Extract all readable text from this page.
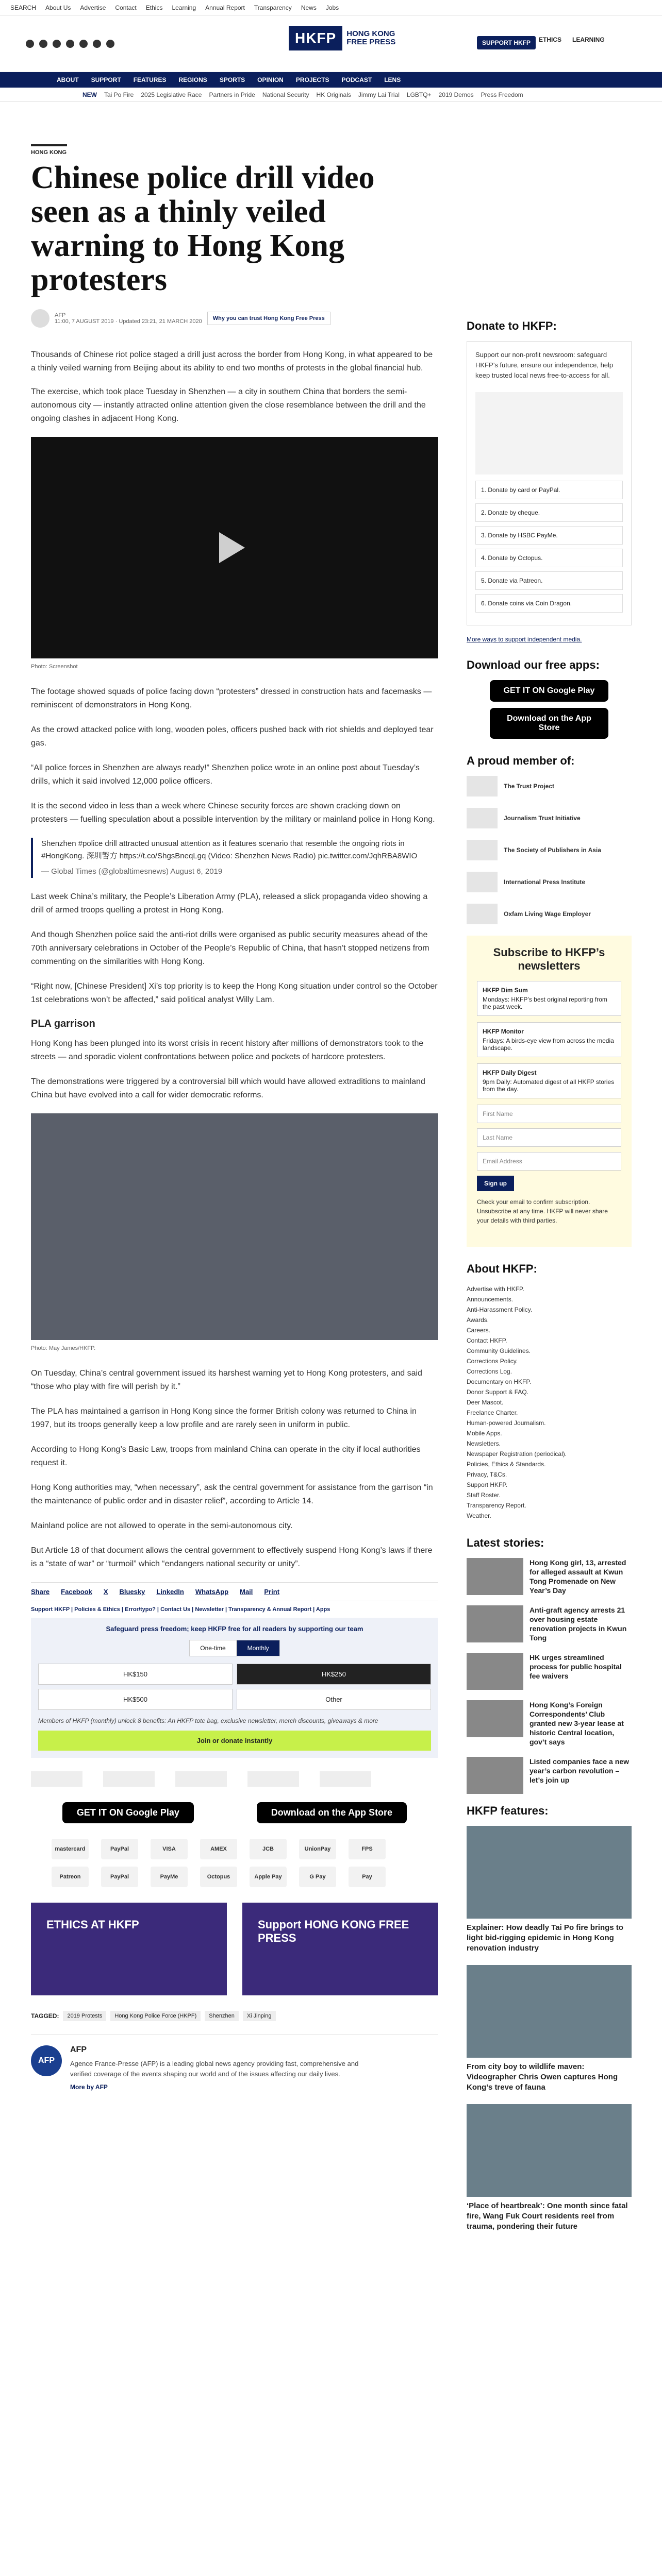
SEARCH About Us Advertise Contact Ethics Learning Annual Report Transparency News Jobs
HKFP	HONG KONG
FREE PRESS	SUPPORT HKFP	ETHICS LEARNING
ABOUT SUPPORT FEATURES REGIONS SPORTS OPINION PROJECTS PODCAST LENS
NEW Tai Po Fire 2025 Legislative Race Partners in Pride National Security HK Originals Jimmy Lai Trial LGBTQ+ 2019 Demos Press Freedom
HONG KONG
Chinese police drill video seen as a thinly veiled warning to Hong Kong protesters
AFP
11:00, 7 AUGUST 2019 · Updated 23:21, 21 MARCH 2020	Why you can trust Hong Kong Free Press

Thousands of Chinese riot police staged a drill just across the border from Hong Kong, in what appeared to be a thinly veiled warning from Beijing about its ability to end two months of protests in the global financial hub.

The exercise, which took place Tuesday in Shenzhen — a city in southern China that borders the semi-autonomous city — instantly attracted online attention given the close resemblance between the drill and the ongoing clashes in adjacent Hong Kong.

Photo: Screenshot

The footage showed squads of police facing down “protesters” dressed in construction hats and facemasks — reminiscent of demonstrators in Hong Kong.

As the crowd attacked police with long, wooden poles, officers pushed back with riot shields and deployed tear gas.

“All police forces in Shenzhen are always ready!” Shenzhen police wrote in an online post about Tuesday’s drills, which it said involved 12,000 police officers.

It is the second video in less than a week where Chinese security forces are shown cracking down on protesters — fuelling speculation about a possible intervention by the military or mainland police in Hong Kong.

Shenzhen #police drill attracted unusual attention as it features scenario that resemble the ongoing riots in #HongKong. 深圳警方 https://t.co/ShgsBneqLgq (Video: Shenzhen News Radio) pic.twitter.com/JqhRBA8WIO
— Global Times (@globaltimesnews) August 6, 2019

Last week China’s military, the People’s Liberation Army (PLA), released a slick propaganda video showing a drill of armed troops quelling a protest in Hong Kong.

And though Shenzhen police said the anti-riot drills were organised as public security measures ahead of the 70th anniversary celebrations in October of the People’s Republic of China, that hasn’t stopped netizens from commenting on the similarities with Hong Kong.

“Right now, [Chinese President] Xi’s top priority is to keep the Hong Kong situation under control so the October 1st celebrations won’t be affected,” said political analyst Willy Lam.

PLA garrison

Hong Kong has been plunged into its worst crisis in recent history after millions of demonstrators took to the streets — and sporadic violent confrontations between police and pockets of hardcore protesters.

The demonstrations were triggered by a controversial bill which would have allowed extraditions to mainland China but have evolved into a call for wider democratic reforms.

Photo: May James/HKFP.

On Tuesday, China’s central government issued its harshest warning yet to Hong Kong protesters, and said “those who play with fire will perish by it.”

The PLA has maintained a garrison in Hong Kong since the former British colony was returned to China in 1997, but its troops generally keep a low profile and are rarely seen in uniform in public.

According to Hong Kong’s Basic Law, troops from mainland China can operate in the city if local authorities request it.

Hong Kong authorities may, “when necessary”, ask the central government for assistance from the garrison “in the maintenance of public order and in disaster relief”, according to Article 14.

Mainland police are not allowed to operate in the semi-autonomous city.

But Article 18 of that document allows the central government to effectively suspend Hong Kong’s laws if there is a “state of war” or “turmoil” which “endangers national security or unity”.

Share Facebook X Bluesky LinkedIn WhatsApp Mail Print
Support HKFP | Policies & Ethics | Error/typo? | Contact Us | Newsletter | Transparency & Annual Report | Apps
Safeguard press freedom; keep HKFP free for all readers by supporting our team
One-time	Monthly
HK$150	HK$250
HK$500	Other
Members of HKFP (monthly) unlock 8 benefits: An HKFP tote bag, exclusive newsletter, merch discounts, giveaways & more
Join or donate instantly
GET IT ON Google Play	Download on the App Store
mastercard	PayPal	VISA	AMEX	JCB	UnionPay	FPS
Patreon	PayPal	PayMe	Octopus	Apple Pay	G Pay	Pay
ETHICS AT HKFP	Support HONG KONG FREE PRESS
TAGGED:	2019 Protests	Hong Kong Police Force (HKPF)	Shenzhen	Xi Jinping
AFP
AFP
Agence France-Presse (AFP) is a leading global news agency providing fast, comprehensive and verified coverage of the events shaping our world and of the issues affecting our daily lives.
More by AFP
Donate to HKFP:

Support our non-profit newsroom: safeguard HKFP’s future, ensure our independence, help keep trusted local news free-to-access for all.

1. Donate by card or PayPal.
2. Donate by cheque.
3. Donate by HSBC PayMe.
4. Donate by Octopus.
5. Donate via Patreon.
6. Donate coins via Coin Dragon.
More ways to support independent media.
Download our free apps:
GET IT ON Google Play
Download on the App Store
A proud member of:
The Trust Project
Journalism Trust Initiative
The Society of Publishers in Asia
International Press Institute
Oxfam Living Wage Employer
Subscribe to HKFP’s newsletters
HKFP Dim Sum
Mondays: HKFP’s best original reporting from the past week.
HKFP Monitor
Fridays: A birds-eye view from across the media landscape.
HKFP Daily Digest
9pm Daily: Automated digest of all HKFP stories from the day.
First Name
Last Name
Email Address
Sign up

Check your email to confirm subscription. Unsubscribe at any time. HKFP will never share your details with third parties.

About HKFP:
Advertise with HKFP.
Announcements.
Anti-Harassment Policy.
Awards.
Careers.
Contact HKFP.
Community Guidelines.
Corrections Policy.
Corrections Log.
Documentary on HKFP.
Donor Support & FAQ.
Deer Mascot.
Freelance Charter.
Human-powered Journalism.
Mobile Apps.
Newsletters.
Newspaper Registration (periodical).
Policies, Ethics & Standards.
Privacy, T&Cs.
Support HKFP.
Staff Roster.
Transparency Report.
Weather.
Latest stories:
Hong Kong girl, 13, arrested for alleged assault at Kwun Tong Promenade on New Year’s Day
Anti-graft agency arrests 21 over housing estate renovation projects in Kwun Tong
HK urges streamlined process for public hospital fee waivers
Hong Kong’s Foreign Correspondents’ Club granted new 3-year lease at historic Central location, gov’t says
Listed companies face a new year’s carbon revolution – let’s join up
HKFP features:
Explainer: How deadly Tai Po fire brings to light bid-rigging epidemic in Hong Kong renovation industry
From city boy to wildlife maven: Videographer Chris Owen captures Hong Kong’s treve of fauna
‘Place of heartbreak’: One month since fatal fire, Wang Fuk Court residents reel from trauma, pondering their future
